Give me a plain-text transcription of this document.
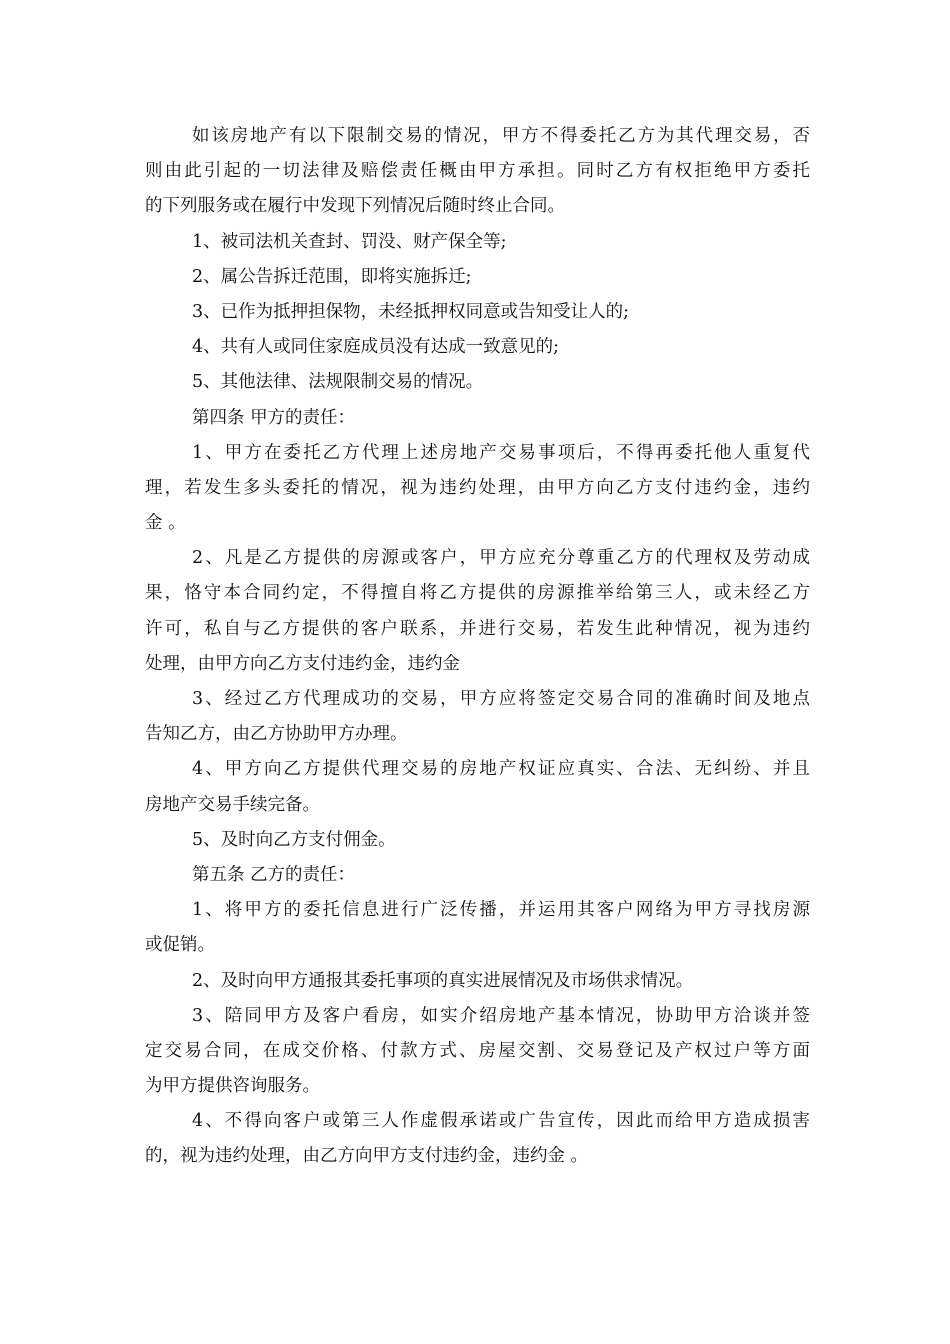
如该房地产有以下限制交易的情况，甲方不得委托乙方为其代理交易，否
则由此引起的一切法律及赔偿责任概由甲方承担。同时乙方有权拒绝甲方委托
的下列服务或在履行中发现下列情况后随时终止合同。
1、被司法机关查封、罚没、财产保全等;
2、属公告拆迁范围，即将实施拆迁;
3、已作为抵押担保物，未经抵押权同意或告知受让人的;
4、共有人或同住家庭成员没有达成一致意见的;
5、其他法律、法规限制交易的情况。
第四条 甲方的责任：
1、甲方在委托乙方代理上述房地产交易事项后，不得再委托他人重复代
理，若发生多头委托的情况，视为违约处理，由甲方向乙方支付违约金，违约
金 。
2、凡是乙方提供的房源或客户，甲方应充分尊重乙方的代理权及劳动成
果，恪守本合同约定，不得擅自将乙方提供的房源推举给第三人，或未经乙方
许可，私自与乙方提供的客户联系，并进行交易，若发生此种情况，视为违约
处理，由甲方向乙方支付违约金，违约金
3、经过乙方代理成功的交易，甲方应将签定交易合同的准确时间及地点
告知乙方，由乙方协助甲方办理。
4、甲方向乙方提供代理交易的房地产权证应真实、合法、无纠纷、并且
房地产交易手续完备。
5、及时向乙方支付佣金。
第五条 乙方的责任：
1、将甲方的委托信息进行广泛传播，并运用其客户网络为甲方寻找房源
或促销。
2、及时向甲方通报其委托事项的真实进展情况及市场供求情况。
3、陪同甲方及客户看房，如实介绍房地产基本情况，协助甲方洽谈并签
定交易合同，在成交价格、付款方式、房屋交割、交易登记及产权过户等方面
为甲方提供咨询服务。
4、不得向客户或第三人作虚假承诺或广告宣传，因此而给甲方造成损害
的，视为违约处理，由乙方向甲方支付违约金，违约金 。
